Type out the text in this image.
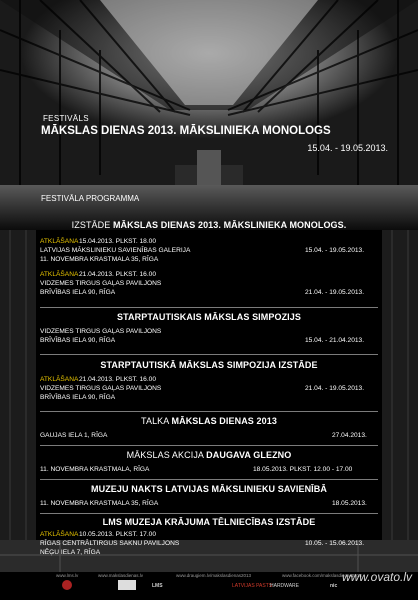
FESTIVĀLS
MĀKSLAS DIENAS 2013. MĀKSLINIEKA MONOLOGS
15.04. - 19.05.2013.
FESTIVĀLA PROGRAMMA
IZSTĀDE MĀKSLAS DIENAS 2013. MĀKSLINIEKA MONOLOGS.
ATKLĀŠANA 15.04.2013. PLKST. 18.00
LATVIJAS MĀKSLINIEKU SAVIENĪBAS GALERIJA	15.04. - 19.05.2013.
11. NOVEMBRA KRASTMALA 35, RĪGA
ATKLĀŠANA 21.04.2013. PLKST. 16.00
VIDZEMES TIRGUS GAĻAS PAVILJONS
BRĪVĪBAS IELA 90, RĪGA	21.04. - 19.05.2013.
STARPTAUTISKAIS MĀKSLAS SIMPOZIJS
VIDZEMES TIRGUS GAĻAS PAVILJONS
BRĪVĪBAS IELA 90, RĪGA	15.04. - 21.04.2013.
STARPTAUTISKĀ MĀKSLAS SIMPOZIJA IZSTĀDE
ATKLĀŠANA 21.04.2013. PLKST. 16.00
VIDZEMES TIRGUS GAĻAS PAVILJONS	21.04. - 19.05.2013.
BRĪVĪBAS IELA 90, RĪGA
TALKA MĀKSLAS DIENAS 2013
GAUJAS IELA 1, RĪGA	27.04.2013.
MĀKSLAS AKCIJA DAUGAVA GLEZNO
11. NOVEMBRA KRASTMALA, RĪGA	18.05.2013. PLKST. 12.00 - 17.00
MUZEJU NAKTS LATVIJAS MĀKSLINIEKU SAVIENĪBĀ
11. NOVEMBRA KRASTMALA 35, RĪGA	18.05.2013.
LMS MUZEJA KRĀJUMA TĒLNIECĪBAS IZSTĀDE
ATKLĀŠANA 10.05.2013. PLKST. 17.00
RĪGAS CENTRĀLTIRGUS SAKNU PAVILJONS	10.05. - 15.06.2013.
NĒĢU IELA 7, RĪGA
www.lms.lv	www.makslasdienas.lv	www.draugiem.lv/makslasdienas2013	www.facebook.com/makslasdienas2013
LMS	LATVIJAS PASTS
HARDWARE	nic
www.ovato.lv
